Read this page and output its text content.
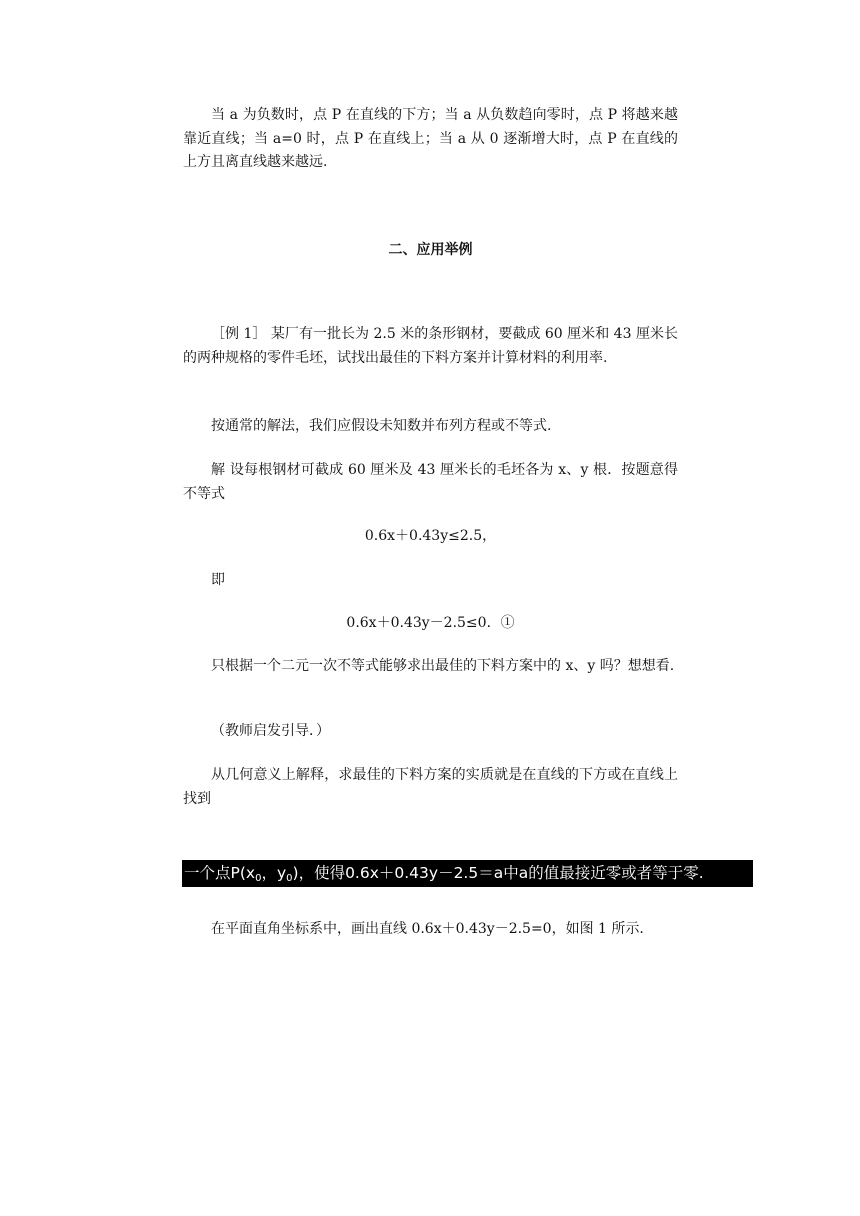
当 a 为负数时，点 P 在直线的下方；当 a 从负数趋向零时，点 P 将越来越靠近直线；当 a=0 时，点 P 在直线上；当 a 从 0 逐渐增大时，点 P 在直线的上方且离直线越来越远.

二、应用举例

［例 1］ 某厂有一批长为 2.5 米的条形钢材，要截成 60 厘米和 43 厘米长的两种规格的零件毛坯，试找出最佳的下料方案并计算材料的利用率.

按通常的解法，我们应假设未知数并布列方程或不等式.

解 设每根钢材可截成 60 厘米及 43 厘米长的毛坯各为 x、y 根．按题意得不等式

0.6x＋0.43y≤2.5，

即

0.6x＋0.43y－2.5≤0．①

只根据一个二元一次不等式能够求出最佳的下料方案中的 x、y 吗？想想看.

（教师启发引导．）

从几何意义上解释，求最佳的下料方案的实质就是在直线的下方或在直线上找到

一个点$P(x_0$，$y_0$)，使得0.6x＋0.43y－2.5＝a中a的值最接近零或者等于零.

在平面直角坐标系中，画出直线 0.6x＋0.43y－2.5=0，如图 1 所示.
